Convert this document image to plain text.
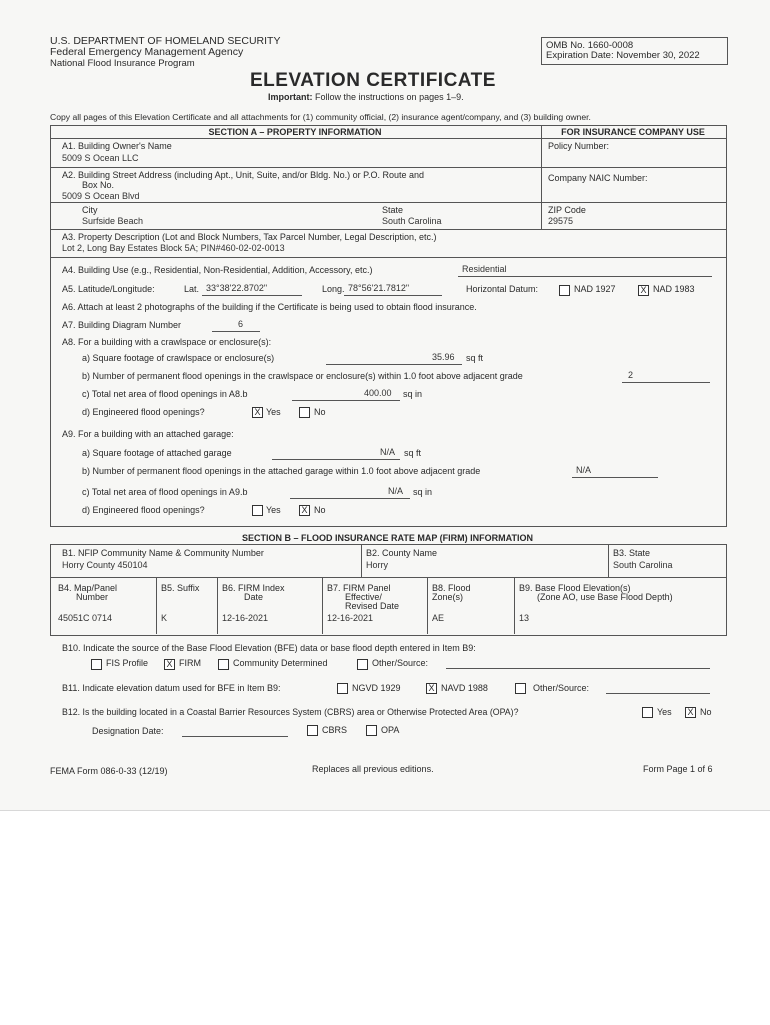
U.S. DEPARTMENT OF HOMELAND SECURITY
Federal Emergency Management Agency
National Flood Insurance Program
OMB No. 1660-0008
Expiration Date: November 30, 2022
ELEVATION CERTIFICATE
Important: Follow the instructions on pages 1–9.
Copy all pages of this Elevation Certificate and all attachments for (1) community official, (2) insurance agent/company, and (3) building owner.
SECTION A – PROPERTY INFORMATION	FOR INSURANCE COMPANY USE
A1. Building Owner's Name
5009 S Ocean LLC
Policy Number:
A2. Building Street Address (including Apt., Unit, Suite, and/or Bldg. No.) or P.O. Route and
Box No.
5009 S Ocean Blvd
Company NAIC Number:
City
Surfside Beach
State
South Carolina
ZIP Code
29575
A3. Property Description (Lot and Block Numbers, Tax Parcel Number, Legal Description, etc.)
Lot 2, Long Bay Estates Block 5A; PIN#460-02-02-0013
A4. Building Use (e.g., Residential, Non-Residential, Addition, Accessory, etc.)	Residential
A5. Latitude/Longitude:	Lat. 33°38'22.8702"	Long. 78°56'21.7812"	Horizontal Datum:	NAD 1927	X NAD 1983
A6. Attach at least 2 photographs of the building if the Certificate is being used to obtain flood insurance.
A7. Building Diagram Number	6
A8. For a building with a crawlspace or enclosure(s):
a) Square footage of crawlspace or enclosure(s)	35.96 sq ft
b) Number of permanent flood openings in the crawlspace or enclosure(s) within 1.0 foot above adjacent grade	2
c) Total net area of flood openings in A8.b	400.00 sq in
d) Engineered flood openings?	X Yes	No
A9. For a building with an attached garage:
a) Square footage of attached garage	N/A sq ft
b) Number of permanent flood openings in the attached garage within 1.0 foot above adjacent grade	N/A
c) Total net area of flood openings in A9.b	N/A sq in
d) Engineered flood openings?	Yes X No
SECTION B – FLOOD INSURANCE RATE MAP (FIRM) INFORMATION
B1. NFIP Community Name & Community Number
Horry County 450104
B2. County Name
Horry
B3. State
South Carolina
B4. Map/Panel
Number
45051C 0714
B5. Suffix
K
B6. FIRM Index
Date
12-16-2021
B7. FIRM Panel
Effective/
Revised Date
12-16-2021
B8. Flood
Zone(s)
AE
B9. Base Flood Elevation(s)
(Zone AO, use Base Flood Depth)
13
B10. Indicate the source of the Base Flood Elevation (BFE) data or base flood depth entered in Item B9:
FIS Profile X FIRM	Community Determined	Other/Source:
B11. Indicate elevation datum used for BFE in Item B9:	NGVD 1929	X NAVD 1988	Other/Source:
B12. Is the building located in a Coastal Barrier Resources System (CBRS) area or Otherwise Protected Area (OPA)?	Yes X No
Designation Date:	CBRS	OPA
FEMA Form 086-0-33 (12/19)	Replaces all previous editions.	Form Page 1 of 6
